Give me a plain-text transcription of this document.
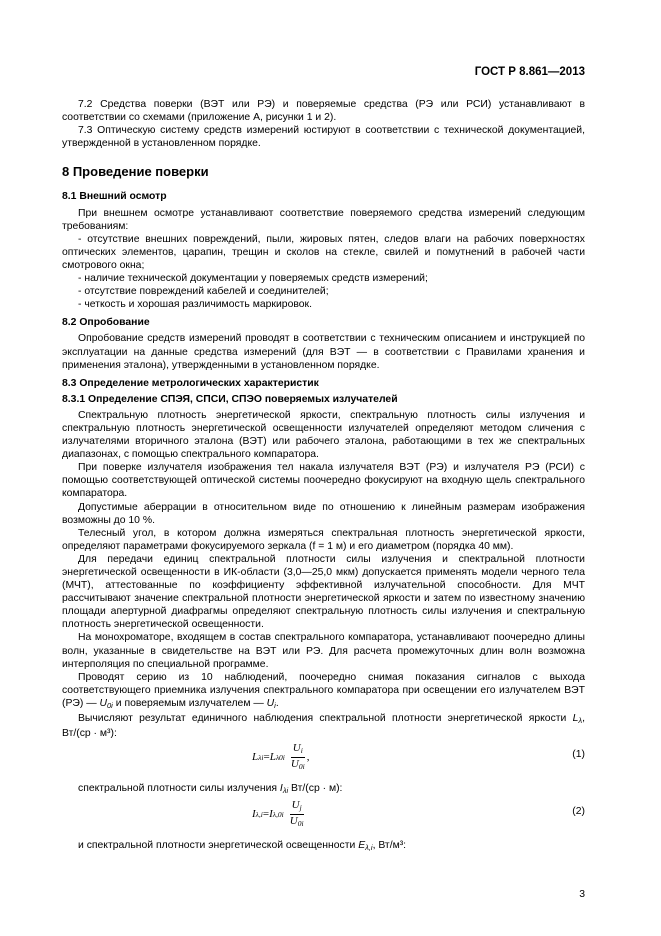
ГОСТ Р 8.861—2013

7.2 Средства поверки (ВЭТ или РЭ) и поверяемые средства (РЭ или РСИ) устанавливают в соответствии со схемами (приложение А, рисунки 1 и 2).

7.3 Оптическую систему средств измерений юстируют в соответствии с технической документацией, утвержденной в установленном порядке.

8 Проведение поверки

8.1 Внешний осмотр

При внешнем осмотре устанавливают соответствие поверяемого средства измерений следующим требованиям:

- отсутствие внешних повреждений, пыли, жировых пятен, следов влаги на рабочих поверхностях оптических элементов, царапин, трещин и сколов на стекле, свилей и помутнений в рабочей части смотрового окна;

- наличие технической документации у поверяемых средств измерений;

- отсутствие повреждений кабелей и соединителей;

- четкость и хорошая различимость маркировок.

8.2 Опробование

Опробование средств измерений проводят в соответствии с техническим описанием и инструкцией по эксплуатации на данные средства измерений (для ВЭТ — в соответствии с Правилами хранения и применения эталона), утвержденными в установленном порядке.

8.3 Определение метрологических характеристик

8.3.1 Определение СПЭЯ, СПСИ, СПЭО поверяемых излучателей

Спектральную плотность энергетической яркости, спектральную плотность силы излучения и спектральную плотность энергетической освещенности излучателей определяют методом сличения с излучателями вторичного эталона (ВЭТ) или рабочего эталона, работающими в тех же спектральных диапазонах, с помощью спектрального компаратора.

При поверке излучателя изображения тел накала излучателя ВЭТ (РЭ) и излучателя РЭ (РСИ) с помощью соответствующей оптической системы поочередно фокусируют на входную щель спектрального компаратора.

Допустимые аберрации в относительном виде по отношению к линейным размерам изображения возможны до 10 %.

Телесный угол, в котором должна измеряться спектральная плотность энергетической яркости, определяют параметрами фокусируемого зеркала (f = 1 м) и его диаметром (порядка 40 мм).

Для передачи единиц спектральной плотности силы излучения и спектральной плотности энергетической освещенности в ИК-области (3,0—25,0 мкм) допускается применять модели черного тела (МЧТ), аттестованные по коэффициенту эффективной излучательной способности. Для МЧТ рассчитывают значение спектральной плотности энергетической яркости и затем по известному значению площади апертурной диафрагмы определяют спектральную плотность силы излучения и спектральную плотность энергетической освещенности.

На монохроматоре, входящем в состав спектрального компаратора, устанавливают поочередно длины волн, указанные в свидетельстве на ВЭТ или РЭ. Для расчета промежуточных длин волн возможна интерполяция по специальной программе.

Проводят серию из 10 наблюдений, поочередно снимая показания сигналов с выхода соответствующего приемника излучения спектрального компаратора при освещении его излучателем ВЭТ (РЭ) — $U_{0i}$ и поверяемым излучателем — $U_i$.

Вычисляют результат единичного наблюдения спектральной плотности энергетической яркости $L_\lambda$, Вт/(ср · м³):

L λi = L $\lambda 0i \frac{U_i}{U_{0i}}$ ,	(1)

спектральной плотности силы излучения $I_{\lambda i}$ Вт/(ср · м):

I λ,i = I $\lambda,0i \frac{U_j}{U_{0i}}$	(2)

и спектральной плотности энергетической освещенности $E_{\lambda,i}$, Вт/м³:

3
